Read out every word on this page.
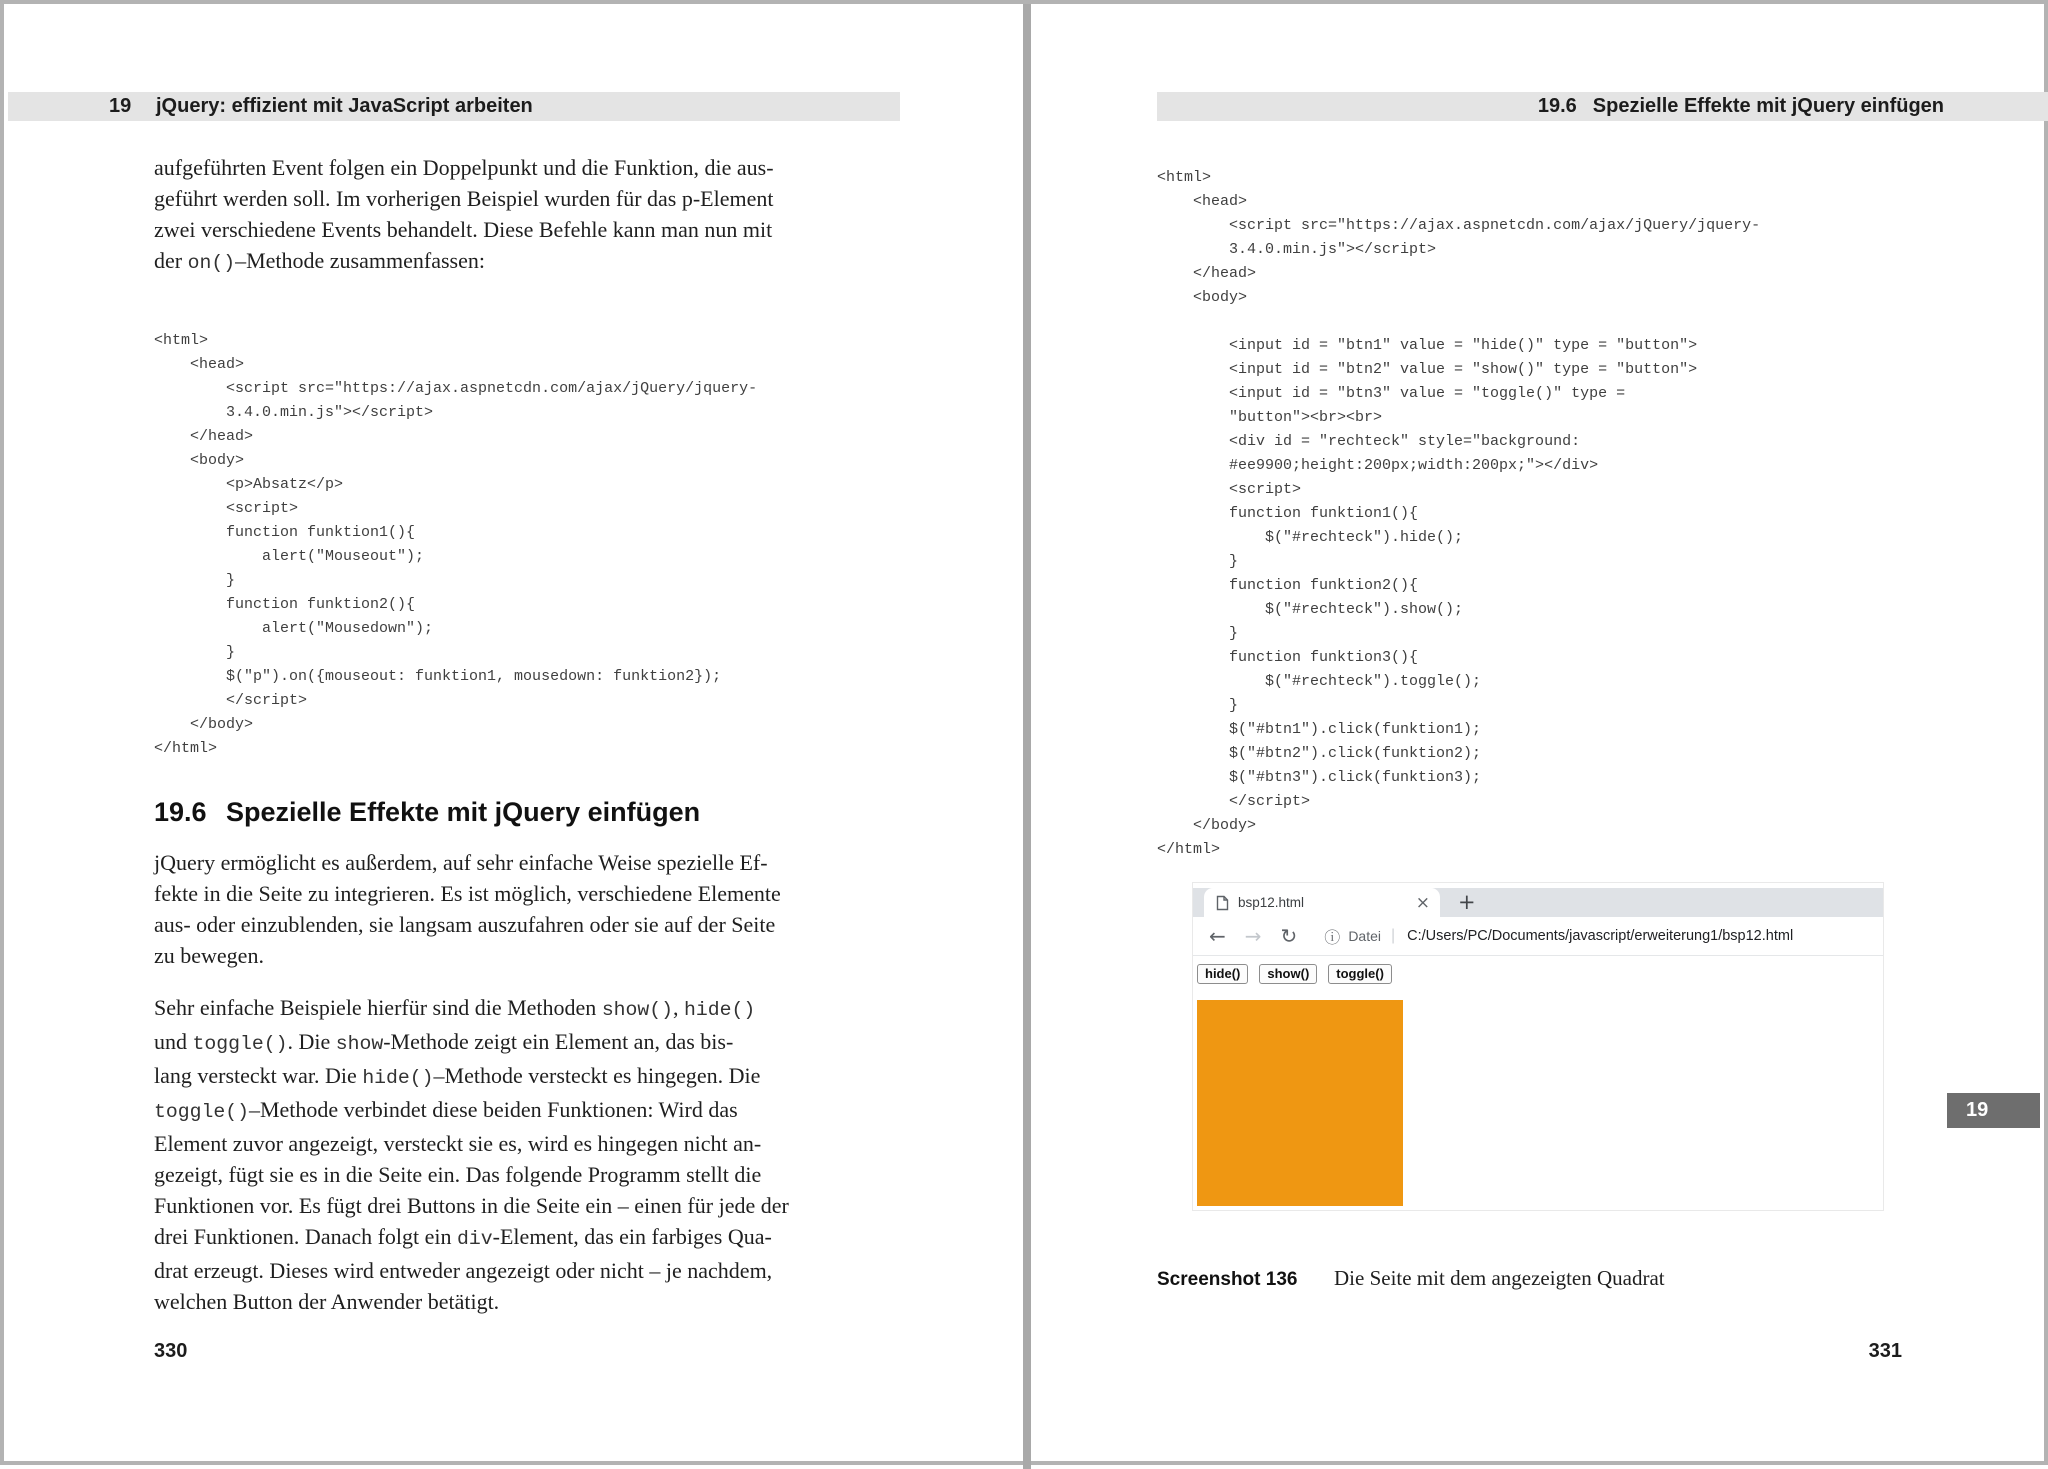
19	jQuery: effizient mit JavaScript arbeiten

aufgeführten Event folgen ein Doppelpunkt und die Funktion, die aus-
geführt werden soll. Im vorherigen Beispiel wurden für das p-Element
zwei verschiedene Events behandelt. Diese Befehle kann man nun mit
der on()–Methode zusammenfassen:

<html>
<head>
<script src="https://ajax.aspnetcdn.com/ajax/jQuery/jquery-
3.4.0.min.js"></script>
</head>
<body>
<p>Absatz</p>
<script>
function funktion1(){
alert("Mouseout");
}
function funktion2(){
alert("Mousedown");
}
$("p").on({mouseout: funktion1, mousedown: funktion2});
</script>
</body>
</html>
19.6 Spezielle Effekte mit jQuery einfügen

jQuery ermöglicht es außerdem, auf sehr einfache Weise spezielle Ef-
fekte in die Seite zu integrieren. Es ist möglich, verschiedene Elemente
aus- oder einzublenden, sie langsam auszufahren oder sie auf der Seite
zu bewegen.

Sehr einfache Beispiele hierfür sind die Methoden show(), hide()
und toggle(). Die show-Methode zeigt ein Element an, das bis-
lang versteckt war. Die hide()–Methode versteckt es hingegen. Die
toggle()–Methode verbindet diese beiden Funktionen: Wird das
Element zuvor angezeigt, versteckt sie es, wird es hingegen nicht an-
gezeigt, fügt sie es in die Seite ein. Das folgende Programm stellt die
Funktionen vor. Es fügt drei Buttons in die Seite ein – einen für jede der
drei Funktionen. Danach folgt ein div-Element, das ein farbiges Qua-
drat erzeugt. Dieses wird entweder angezeigt oder nicht – je nachdem,
welchen Button der Anwender betätigt.

330
19.6 Spezielle Effekte mit jQuery einfügen
<html>
<head>
<script src="https://ajax.aspnetcdn.com/ajax/jQuery/jquery-
3.4.0.min.js"></script>
</head>
<body>
<input id = "btn1" value = "hide()" type = "button">
<input id = "btn2" value = "show()" type = "button">
<input id = "btn3" value = "toggle()" type =
"button"><br><br>
<div id = "rechteck" style="background:
#ee9900;height:200px;width:200px;"></div>
<script>
function funktion1(){
$("#rechteck").hide();
}
function funktion2(){
$("#rechteck").show();
}
function funktion3(){
$("#rechteck").toggle();
}
$("#btn1").click(funktion1);
$("#btn2").click(funktion2);
$("#btn3").click(funktion3);
</script>
</body>
</html>
bsp12.html	× +
← → ↻ ⓘ Datei | C:/Users/PC/Documents/javascript/erweiterung1/bsp12.html
hide() show() toggle()
Screenshot 136 Die Seite mit dem angezeigten Quadrat
331
19
